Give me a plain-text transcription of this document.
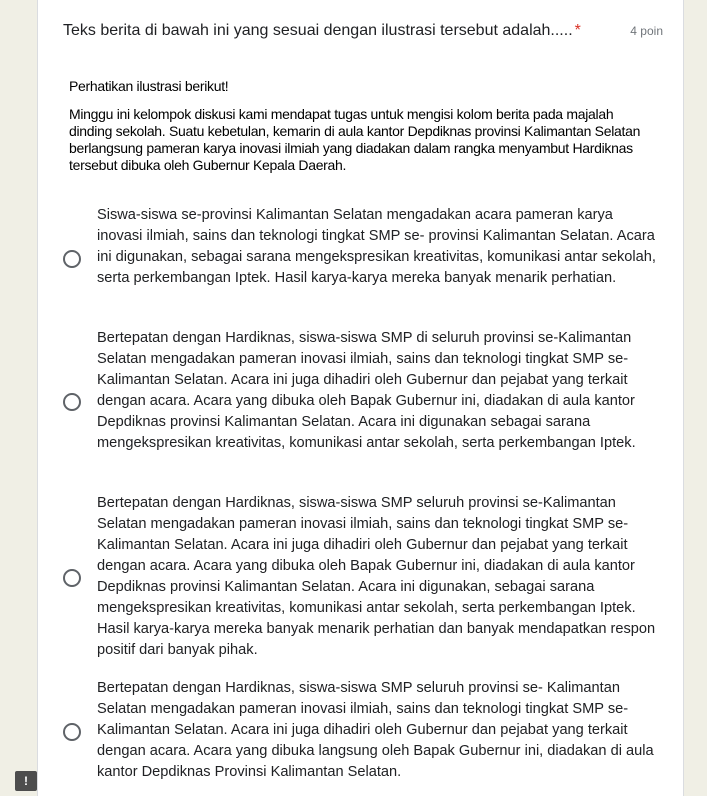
Teks berita di bawah ini yang sesuai dengan ilustrasi tersebut adalah..... *	4 poin
Perhatikan ilustrasi berikut!
Minggu ini kelompok diskusi kami mendapat tugas untuk mengisi kolom berita pada majalah dinding sekolah. Suatu kebetulan, kemarin di aula kantor Depdiknas provinsi Kalimantan Selatan berlangsung pameran karya inovasi ilmiah yang diadakan dalam rangka menyambut Hardiknas tersebut dibuka oleh Gubernur Kepala Daerah.
Siswa-siswa se-provinsi Kalimantan Selatan mengadakan acara pameran karya inovasi ilmiah, sains dan teknologi tingkat SMP se- provinsi Kalimantan Selatan. Acara ini digunakan, sebagai sarana mengekspresikan kreativitas, komunikasi antar sekolah, serta perkembangan Iptek. Hasil karya-karya mereka banyak menarik perhatian.
Bertepatan dengan Hardiknas, siswa-siswa SMP di seluruh provinsi se-Kalimantan Selatan mengadakan pameran inovasi ilmiah, sains dan teknologi tingkat SMP se- Kalimantan Selatan. Acara ini juga dihadiri oleh Gubernur dan pejabat yang terkait dengan acara. Acara yang dibuka oleh Bapak Gubernur ini, diadakan di aula kantor Depdiknas provinsi Kalimantan Selatan. Acara ini digunakan sebagai sarana mengekspresikan kreativitas, komunikasi antar sekolah, serta perkembangan Iptek.
Bertepatan dengan Hardiknas, siswa-siswa SMP seluruh provinsi se-Kalimantan Selatan mengadakan pameran inovasi ilmiah, sains dan teknologi tingkat SMP se- Kalimantan Selatan. Acara ini juga dihadiri oleh Gubernur dan pejabat yang terkait dengan acara. Acara yang dibuka oleh Bapak Gubernur ini, diadakan di aula kantor Depdiknas provinsi Kalimantan Selatan. Acara ini digunakan, sebagai sarana mengekspresikan kreativitas, komunikasi antar sekolah, serta perkembangan Iptek. Hasil karya-karya mereka banyak menarik perhatian dan banyak mendapatkan respon positif dari banyak pihak.
Bertepatan dengan Hardiknas, siswa-siswa SMP seluruh provinsi se- Kalimantan Selatan mengadakan pameran inovasi ilmiah, sains dan teknologi tingkat SMP se- Kalimantan Selatan. Acara ini juga dihadiri oleh Gubernur dan pejabat yang terkait dengan acara. Acara yang dibuka langsung oleh Bapak Gubernur ini, diadakan di aula kantor Depdiknas Provinsi Kalimantan Selatan.
!
